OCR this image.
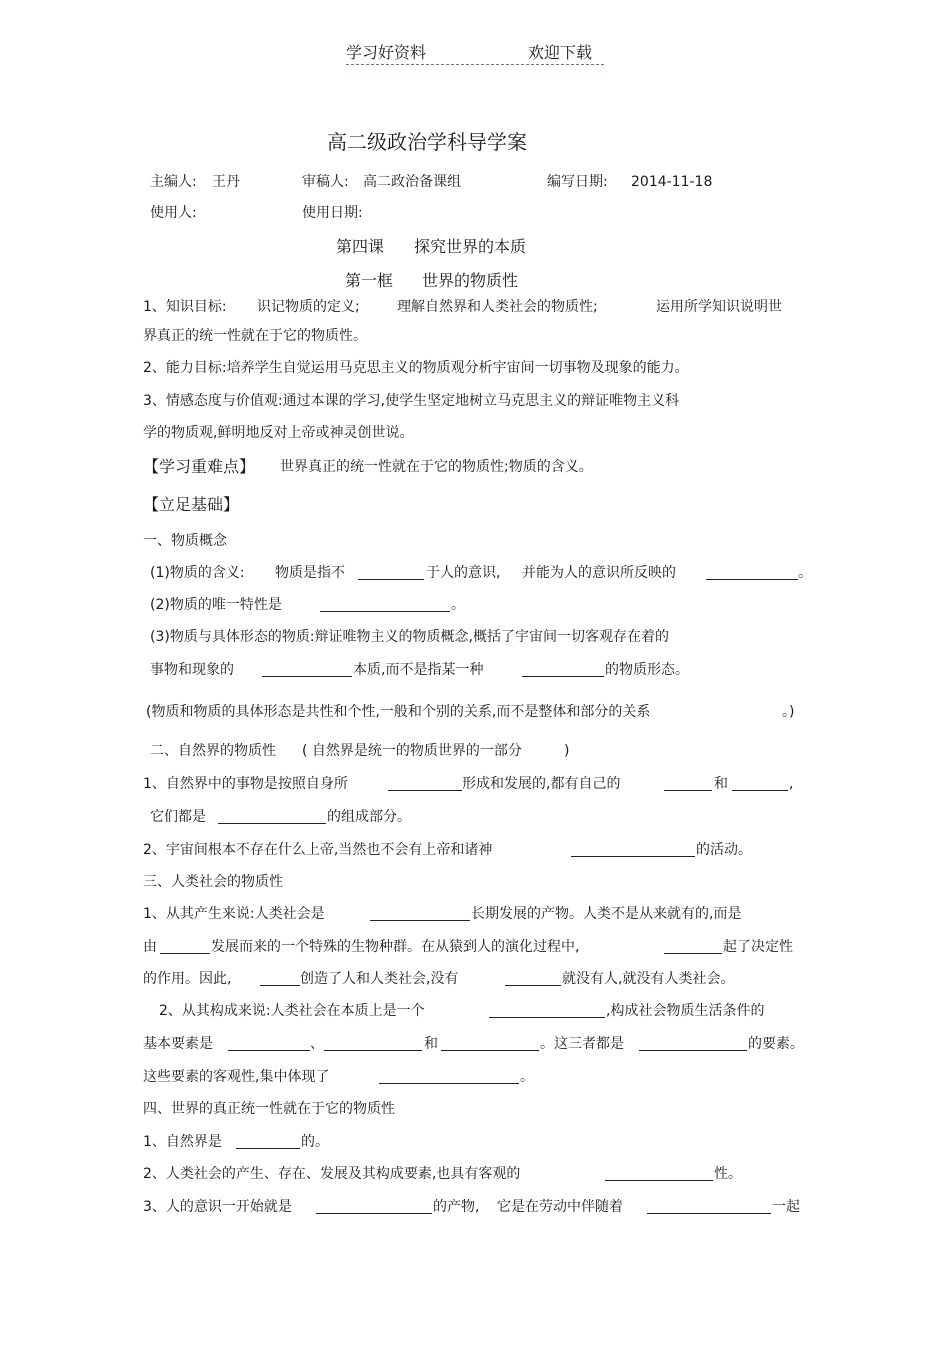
学习好资料	欢迎下载
高二级政治学科导学案
主编人: 王丹	审稿人: 高二政治备课组	编写日期: 2014-11-18
使用人:	使用日期:
第四课 探究世界的本质
第一框 世界的物质性
1、知识目标: 识记物质的定义;	理解自然界和人类社会的物质性;	运用所学知识说明世
界真正的统一性就在于它的物质性。
2、能力目标:培养学生自觉运用马克思主义的物质观分析宇宙间一切事物及现象的能力。
3、情感态度与价值观:通过本课的学习,使学生坚定地树立马克思主义的辩证唯物主义科
学的物质观,鲜明地反对上帝或神灵创世说。
【学习重难点】 世界真正的统一性就在于它的物质性;物质的含义。
【立足基础】
一、物质概念
(1)物质的含义: 物质是指不	于人的意识, 并能为人的意识所反映的	。
(2)物质的唯一特性是	。
(3)物质与具体形态的物质:辩证唯物主义的物质概念,概括了宇宙间一切客观存在着的
事物和现象的	本质,而不是指某一种	的物质形态。
(物质和物质的具体形态是共性和个性,一般和个别的关系,而不是整体和部分的关系	。)
二、自然界的物质性 ( 自然界是统一的物质世界的一部分	)
1、自然界中的事物是按照自身所	形成和发展的,都有自己的	和	,
它们都是	的组成部分。
2、宇宙间根本不存在什么上帝,当然也不会有上帝和诸神	的活动。
三、人类社会的物质性
1、从其产生来说:人类社会是	长期发展的产物。人类不是从来就有的,而是
由	发展而来的一个特殊的生物种群。在从猿到人的演化过程中,	起了决定性
的作用。因此,	创造了人和人类社会,没有	就没有人,就没有人类社会。
2、从其构成来说:人类社会在本质上是一个	,构成社会物质生活条件的
基本要素是	、	和	。这三者都是	的要素。
这些要素的客观性,集中体现了	。
四、世界的真正统一性就在于它的物质性
1、自然界是	的。
2、人类社会的产生、存在、发展及其构成要素,也具有客观的	性。
3、人的意识一开始就是	的产物, 它是在劳动中伴随着	一起
